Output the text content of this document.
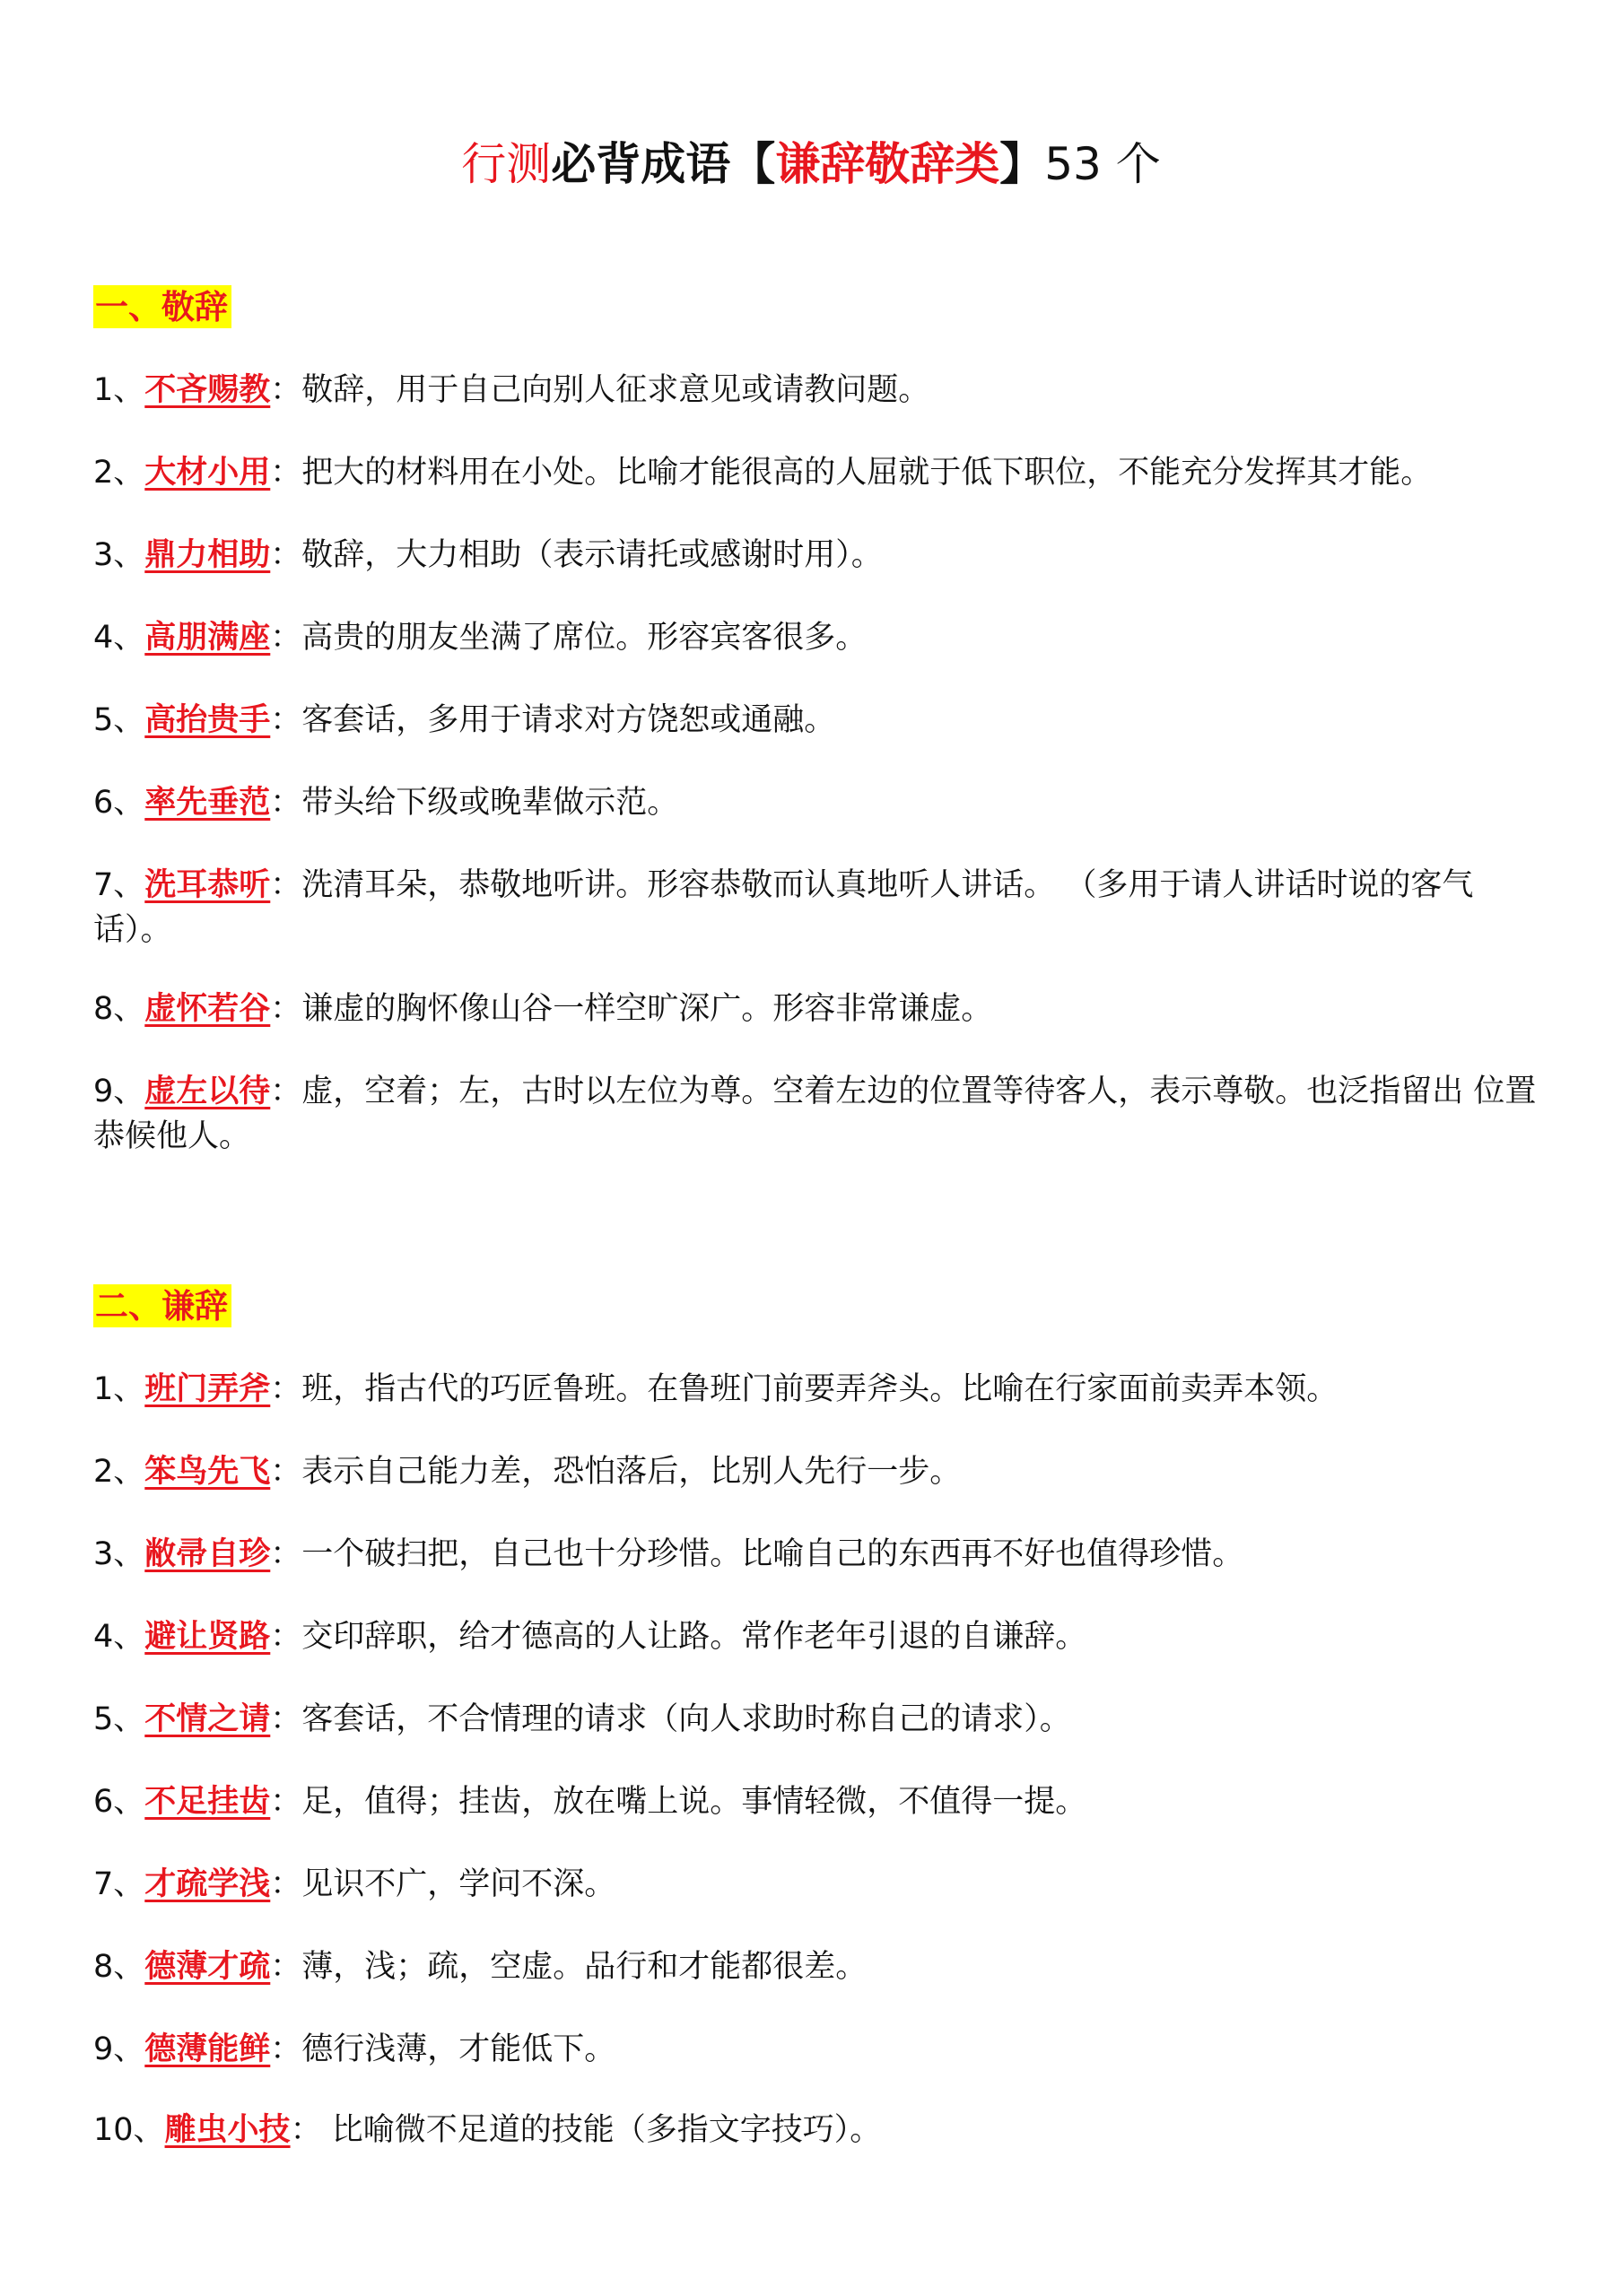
行测必背成语【谦辞敬辞类】53 个
一、敬辞
1、不吝赐教：敬辞，用于自己向别人征求意见或请教问题。
2、大材小用：把大的材料用在小处。比喻才能很高的人屈就于低下职位，不能充分发挥其才能。
3、鼎力相助：敬辞，大力相助（表示请托或感谢时用）。
4、高朋满座：高贵的朋友坐满了席位。形容宾客很多。
5、高抬贵手：客套话，多用于请求对方饶恕或通融。
6、率先垂范：带头给下级或晚辈做示范。
7、洗耳恭听：洗清耳朵，恭敬地听讲。形容恭敬而认真地听人讲话。 （多用于请人讲话时说的客气话）。
8、虚怀若谷：谦虚的胸怀像山谷一样空旷深广。形容非常谦虚。
9、虚左以待：虚，空着；左，古时以左位为尊。空着左边的位置等待客人，表示尊敬。也泛指留出 位置恭候他人。
二、谦辞
1、班门弄斧：班，指古代的巧匠鲁班。在鲁班门前要弄斧头。比喻在行家面前卖弄本领。
2、笨鸟先飞：表示自己能力差，恐怕落后，比别人先行一步。
3、敝帚自珍：一个破扫把，自己也十分珍惜。比喻自己的东西再不好也值得珍惜。
4、避让贤路：交印辞职，给才德高的人让路。常作老年引退的自谦辞。
5、不情之请：客套话，不合情理的请求（向人求助时称自己的请求）。
6、不足挂齿：足，值得；挂齿，放在嘴上说。事情轻微，不值得一提。
7、才疏学浅：见识不广，学问不深。
8、德薄才疏：薄，浅；疏，空虚。品行和才能都很差。
9、德薄能鲜：德行浅薄，才能低下。
10、雕虫小技： 比喻微不足道的技能（多指文字技巧）。
